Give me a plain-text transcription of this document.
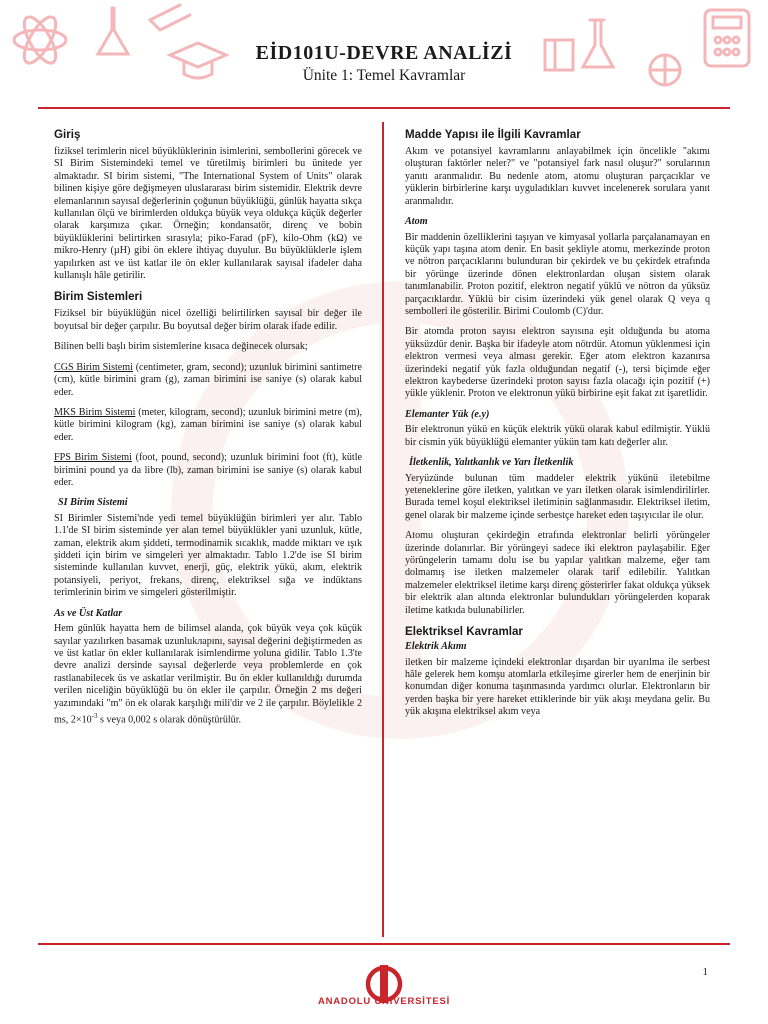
EİD101U-DEVRE ANALİZİ
Ünite 1: Temel Kavramlar
Giriş

fiziksel terimlerin nicel büyüklüklerinin isimlerini, sembollerini görecek ve SI Birim Sistemindeki temel ve türetilmiş birimleri bu ünitede yer almaktadır. SI birim sistemi, "The International System of Units" olarak bilinen kişiye göre değişmeyen uluslararası birim sistemidir. Elektrik devre elemanlarının sayısal değerlerinin çoğunun büyüklüğü, günlük hayatta sıkça kullanılan ölçü ve birimlerden oldukça büyük veya oldukça küçük değerler olarak karşımıza çıkar. Örneğin; kondansatör, direnç ve bobin büyüklüklerini belirtirken sırasıyla; piko-Farad (pF), kilo-Ohm (kΩ) ve mikro-Henry (µH) gibi ön eklere ihtiyaç duyulur. Bu büyüklüklerle işlem yapılırken ast ve üst katlar ile ön ekler kullanılarak sayısal ifadeler daha kullanışlı hâle getirilir.

Birim Sistemleri

Fiziksel bir büyüklüğün nicel özelliği belirtilirken sayısal bir değer ile boyutsal bir değer çarpılır. Bu boyutsal değer birim olarak ifade edilir.

Bilinen belli başlı birim sistemlerine kısaca değinecek olursak;

CGS Birim Sistemi (centimeter, gram, second); uzunluk birimini santimetre (cm), kütle birimini gram (g), zaman birimini ise saniye (s) olarak kabul eder.

MKS Birim Sistemi (meter, kilogram, second); uzunluk birimini metre (m), kütle birimini kilogram (kg), zaman birimini ise saniye (s) olarak kabul eder.

FPS Birim Sistemi (foot, pound, second); uzunluk birimini foot (ft), kütle birimini pound ya da libre (lb), zaman birimini ise saniye (s) olarak kabul eder.

SI Birim Sistemi

SI Birimler Sistemi'nde yedi temel büyüklüğün birimleri yer alır. Tablo 1.1'de SI birim sisteminde yer alan temel büyüklükler yani uzunluk, kütle, zaman, elektrik akım şiddeti, termodinamik sıcaklık, madde miktarı ve ışık şiddeti için birim ve simgeleri yer almaktadır. Tablo 1.2'de ise SI birim sisteminde kullanılan kuvvet, enerji, güç, elektrik yükü, akım, elektrik potansiyeli, periyot, frekans, direnç, elektriksel sığa ve indüktans terimlerinin birim ve simgeleri gösterilmiştir.

As ve Üst Katlar

Hem günlük hayatta hem de bilimsel alanda, çok büyük veya çok küçük sayılar yazılırken basamak uzunlukларını, sayısal değerini değiştirmeden as ve üst katlar ön ekler kullanılarak isimlendirme yoluna gidilir. Tablo 1.3'te devre analizi dersinde sayısal değerlerde veya problemlerde en çok rastlanabilecek üs ve askatlar verilmiştir. Bu ön ekler kullanıldığı durumda verilen niceliğin büyüklüğü bu ön ekler ile çarpılır. Örneğin 2 ms değeri yazımındaki "m" ön ek olarak karşılığı mili'dir ve 2 ile çarpılır. Böylelikle 2 ms, $2\times 10^{-3}$ s veya 0,002 s olarak dönüştürülür.

Madde Yapısı ile İlgili Kavramlar

Akım ve potansiyel kavramlarını anlayabilmek için öncelikle "akımı oluşturan faktörler neler?" ve "potansiyel fark nasıl oluşur?" sorularının yanıtı aranmalıdır. Bu nedenle atom, atomu oluşturan parçacıklar ve yüklerin birbirlerine karşı uyguladıkları kuvvet incelenerek sorulara yanıt aranmalıdır.

Atom

Bir maddenin özelliklerini taşıyan ve kimyasal yollarla parçalanamayan en küçük yapı taşına atom denir. En basit şekliyle atomu, merkezinde proton ve nötron parçacıklarını bulunduran bir çekirdek ve bu çekirdek etrafında bir yörünge üzerinde dönen elektronlardan oluşan sistem olarak tanımlanabilir. Proton pozitif, elektron negatif yüklü ve nötron da yüksüz parçacıklardır. Yüklü bir cisim üzerindeki yük genel olarak Q veya q sembolleri ile gösterilir. Birimi Coulomb (C)'dur.

Bir atomda proton sayısı elektron sayısına eşit olduğunda bu atoma yüksüzdür denir. Başka bir ifadeyle atom nötrdür. Atomun yüklenmesi için elektron vermesi veya alması gerekir. Eğer atom elektron kazanırsa üzerindeki negatif yük fazla olduğundan negatif (-), tersi biçimde eğer elektron kaybederse üzerindeki proton sayısı fazla olacağı için pozitif (+) yükle yüklenir. Proton ve elektronun yükü birbirine eşit fakat zıt işaretlidir.

Elemanter Yük (e.y)

Bir elektronun yükü en küçük elektrik yükü olarak kabul edilmiştir. Yüklü bir cismin yük büyüklüğü elemanter yükün tam katı değerler alır.

İletkenlik, Yalıtkanlık ve Yarı İletkenlik

Yeryüzünde bulunan tüm maddeler elektrik yükünü iletebilme yeteneklerine göre iletken, yalıtkan ve yarı iletken olarak isimlendirilirler. Burada temel koşul elektriksel iletiminin sağlanmasıdır. Elektriksel iletim, genel olarak bir malzeme içinde serbestçe hareket eden taşıyıcılar ile olur.

Atomu oluşturan çekirdeğin etrafında elektronlar belirli yörüngeler üzerinde dolanırlar. Bir yörüngeyi sadece iki elektron paylaşabilir. Eğer yörüngelerin tamamı dolu ise bu yapılar yalıtkan malzeme, eğer tam dolmamış ise iletken malzemeler olarak tarif edilebilir. Yalıtkan malzemeler elektriksel iletime karşı direnç gösterirler fakat oldukça yüksek bir elektrik alan altında elektronlar bulundukları yörüngelerden koparak iletime katkıda bulunabilirler.

Elektriksel Kavramlar
Elektrik Akımı

iletken bir malzeme içindeki elektronlar dışardan bir uyarılma ile serbest hâle gelerek hem komşu atomlarla etkileşime girerler hem de enerjinin bir konumdan diğer konuma taşınmasında yardımcı olurlar. Elektronların bir yerden başka bir yere hareket ettiklerinde bir yük akışı meydana gelir. Bu yük akışına elektriksel akım veya

1
ANADOLU ÜNİVERSİTESİ
